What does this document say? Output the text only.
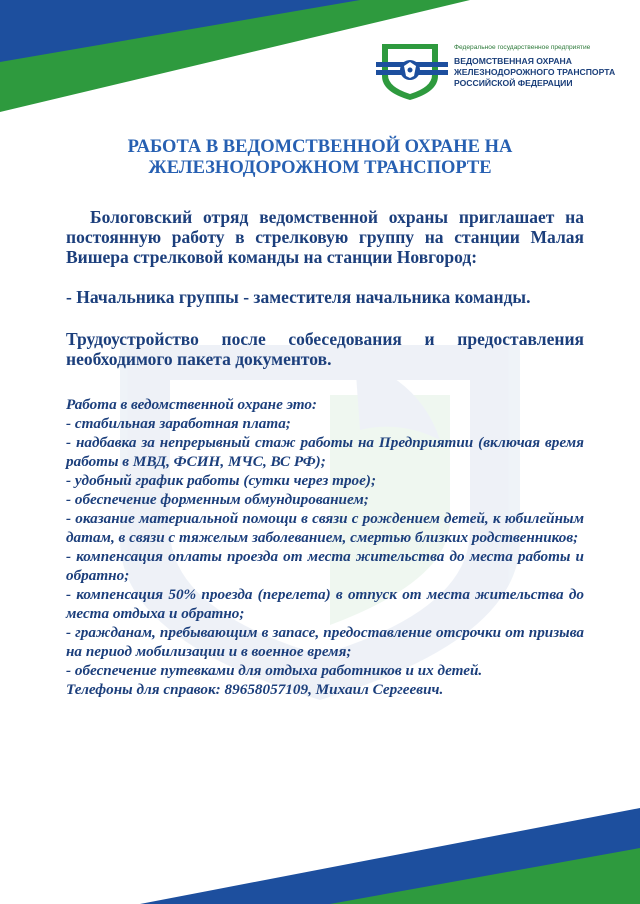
Федеральное государственное предприятие
ВЕДОМСТВЕННАЯ ОХРАНА
ЖЕЛЕЗНОДОРОЖНОГО ТРАНСПОРТА
РОССИЙСКОЙ ФЕДЕРАЦИИ
РАБОТА В ВЕДОМСТВЕННОЙ ОХРАНЕ НА
ЖЕЛЕЗНОДОРОЖНОМ ТРАНСПОРТЕ

Бологовский отряд ведомственной охраны приглашает на постоянную работу в стрелковую группу на станции Малая Вишера стрелковой команды на станции Новгород:

- Начальника группы - заместителя начальника команды.

Трудоустройство после собеседования и предоставления необходимого пакета документов.

Работа в ведомственной охране это:

- стабильная заработная плата;

- надбавка за непрерывный стаж работы на Предприятии (включая время работы в МВД, ФСИН, МЧС, ВС РФ);

- удобный график работы (сутки через трое);

- обеспечение форменным обмундированием;

- оказание материальной помощи в связи с рождением детей, к юбилейным датам, в связи с тяжелым заболеванием, смертью близких родственников;

- компенсация оплаты проезда от места жительства до места работы и обратно;

- компенсация 50% проезда (перелета) в отпуск от места жительства до места отдыха и обратно;

- гражданам, пребывающим в запасе, предоставление отсрочки от призыва на период мобилизации и в военное время;

- обеспечение путевками для отдыха работников и их детей.

Телефоны для справок: 89658057109, Михаил Сергеевич.
